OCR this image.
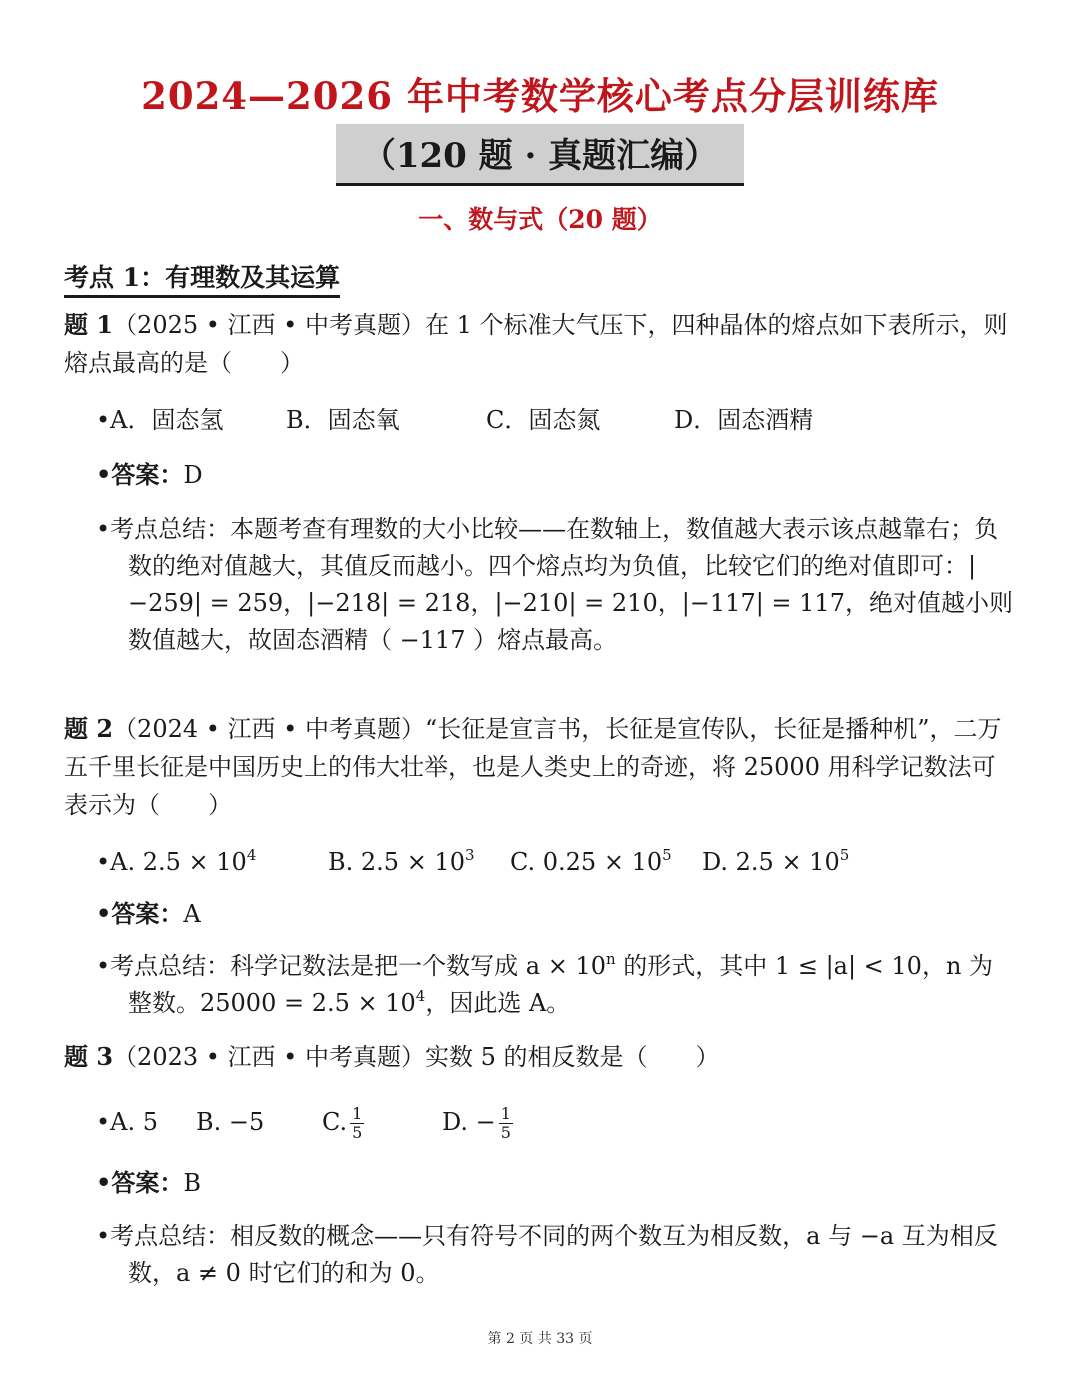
2024—2026 年中考数学核心考点分层训练库
（120 题 · 真题汇编）
一、数与式（20 题）
考点 1：有理数及其运算
题 1（2025 • 江西 • 中考真题）在 1 个标准大气压下，四种晶体的熔点如下表所示，则熔点最高的是（　　）
•A．固态氢	B．固态氧	C．固态氮	D．固态酒精
•答案：D
•考点总结：本题考查有理数的大小比较——在数轴上，数值越大表示该点越靠右；负数的绝对值越大，其值反而越小。四个熔点均为负值，比较它们的绝对值即可：|−259| = 259，|−218| = 218，|−210| = 210，|−117| = 117，绝对值越小则数值越大，故固态酒精（ −117 ）熔点最高。
题 2（2024 • 江西 • 中考真题）“长征是宣言书，长征是宣传队，长征是播种机”，二万五千里长征是中国历史上的伟大壮举，也是人类史上的奇迹，将 25000 用科学记数法可表示为（　　）
•A. $2.5 \times 10^4$	B. $2.5 \times 10^3$ C. $0.25 \times 10^5$ D. $2.5 \times 10^5$
•答案：A
•考点总结：科学记数法是把一个数写成 $a \times 10^n$ 的形式，其中 1 ≤ |a| < 10，n 为整数。$25000 = 2.5 \times 10^4$，因此选 A。
题 3（2023 • 江西 • 中考真题）实数 5 的相反数是（　　）
•A. 5 B. −5 C. $\frac{1}{5}$	D. − $\frac{1}{5}$
•答案：B
•考点总结：相反数的概念——只有符号不同的两个数互为相反数，a 与 −a 互为相反数，a ≠ 0 时它们的和为 0。
第 2 页 共 33 页
